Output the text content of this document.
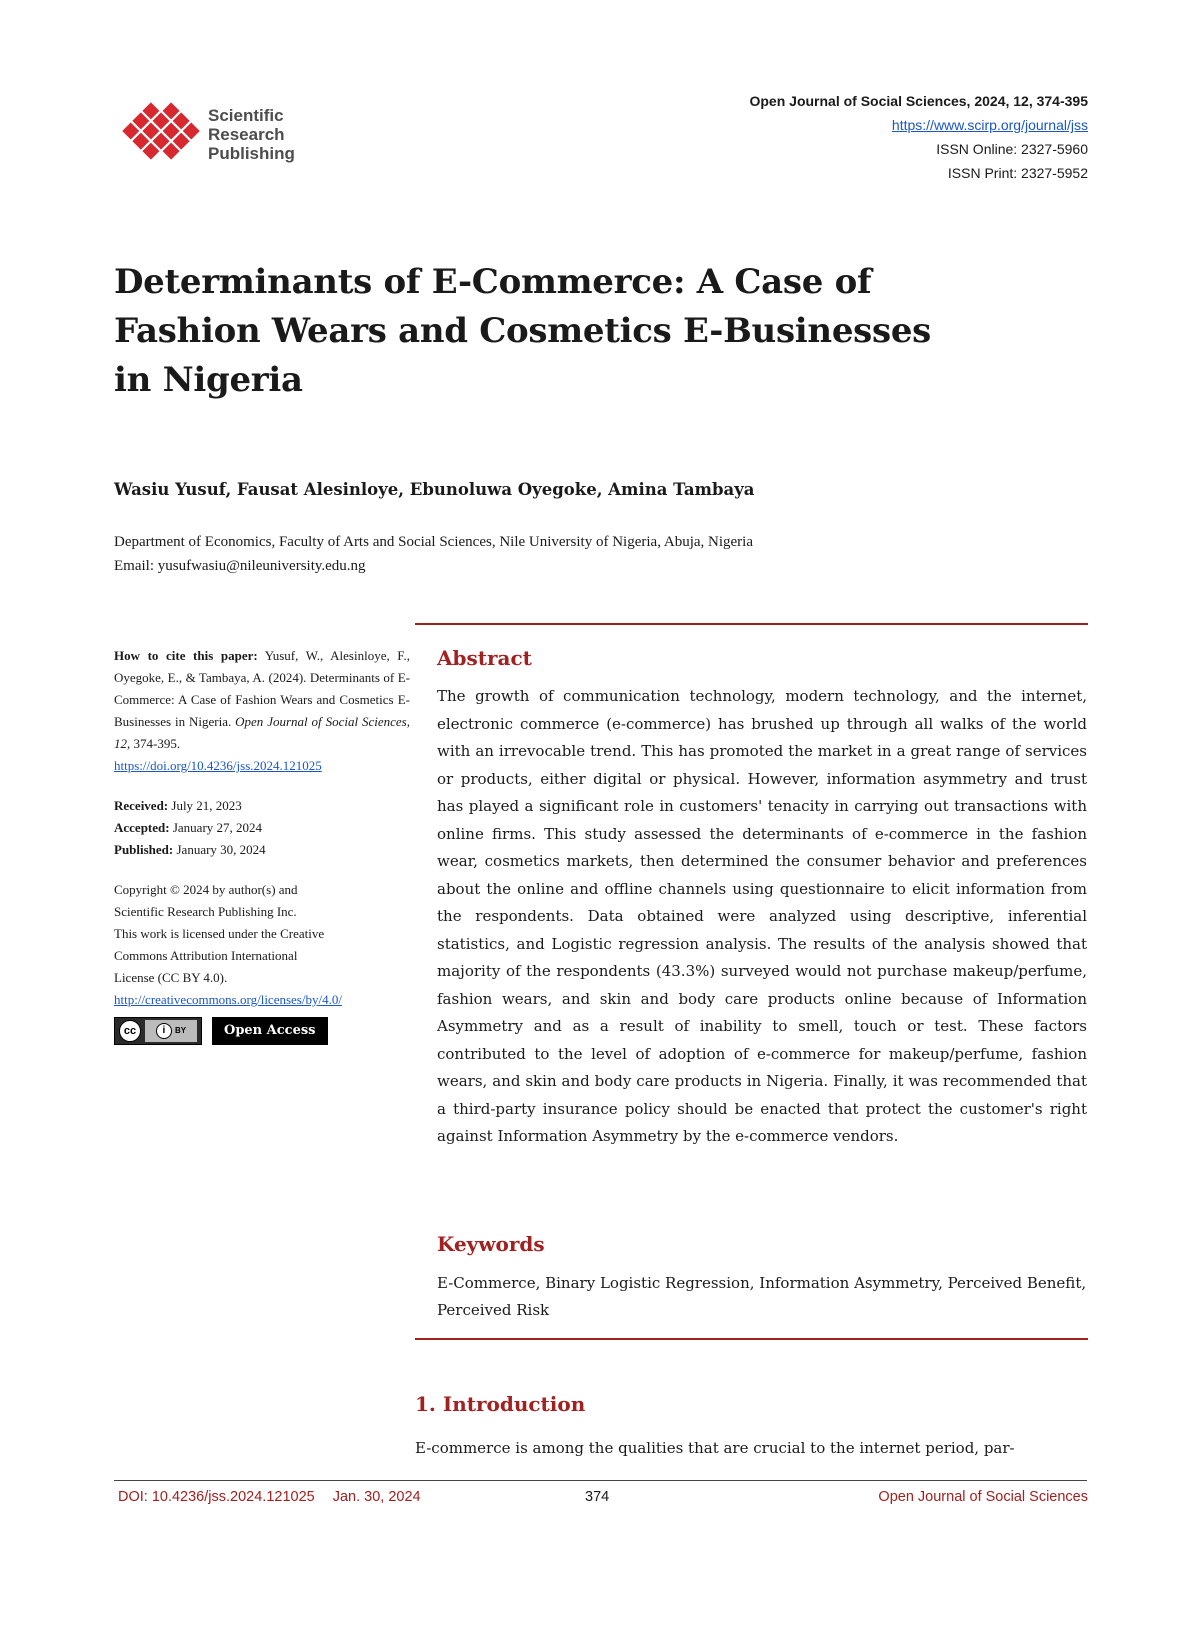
Scientific
Research
Publishing
Open Journal of Social Sciences, 2024, 12, 374-395
https://www.scirp.org/journal/jss
ISSN Online: 2327-5960
ISSN Print: 2327-5952
Determinants of E-Commerce: A Case of
Fashion Wears and Cosmetics E-Businesses
in Nigeria
Wasiu Yusuf, Fausat Alesinloye, Ebunoluwa Oyegoke, Amina Tambaya
Department of Economics, Faculty of Arts and Social Sciences, Nile University of Nigeria, Abuja, Nigeria
Email: yusufwasiu@nileuniversity.edu.ng
How to cite this paper: Yusuf, W., Alesinloye, F., Oyegoke, E., & Tambaya, A. (2024). Determinants of E-Commerce: A Case of Fashion Wears and Cosmetics E-Businesses in Nigeria. Open Journal of Social Sciences, 12, 374-395.
https://doi.org/10.4236/jss.2024.121025
Received: July 21, 2023
Accepted: January 27, 2024
Published: January 30, 2024
Copyright © 2024 by author(s) and
Scientific Research Publishing Inc.
This work is licensed under the Creative
Commons Attribution International
License (CC BY 4.0).
http://creativecommons.org/licenses/by/4.0/
cc	i	BY	Open Access
Abstract
The growth of communication technology, modern technology, and the internet, electronic commerce (e-commerce) has brushed up through all walks of the world with an irrevocable trend. This has promoted the market in a great range of services or products, either digital or physical. However, information asymmetry and trust has played a significant role in customers' tenacity in carrying out transactions with online firms. This study assessed the determinants of e-commerce in the fashion wear, cosmetics markets, then determined the consumer behavior and preferences about the online and offline channels using questionnaire to elicit information from the respondents. Data obtained were analyzed using descriptive, inferential statistics, and Logistic regression analysis. The results of the analysis showed that majority of the respondents (43.3%) surveyed would not purchase makeup/perfume, fashion wears, and skin and body care products online because of Information Asymmetry and as a result of inability to smell, touch or test. These factors contributed to the level of adoption of e-commerce for makeup/perfume, fashion wears, and skin and body care products in Nigeria. Finally, it was recommended that a third-party insurance policy should be enacted that protect the customer's right against Information Asymmetry by the e-commerce vendors.
Keywords
E-Commerce, Binary Logistic Regression, Information Asymmetry, Perceived Benefit, Perceived Risk
1. Introduction
E-commerce is among the qualities that are crucial to the internet period, par-
DOI: 10.4236/jss.2024.121025 Jan. 30, 2024	374	Open Journal of Social Sciences
